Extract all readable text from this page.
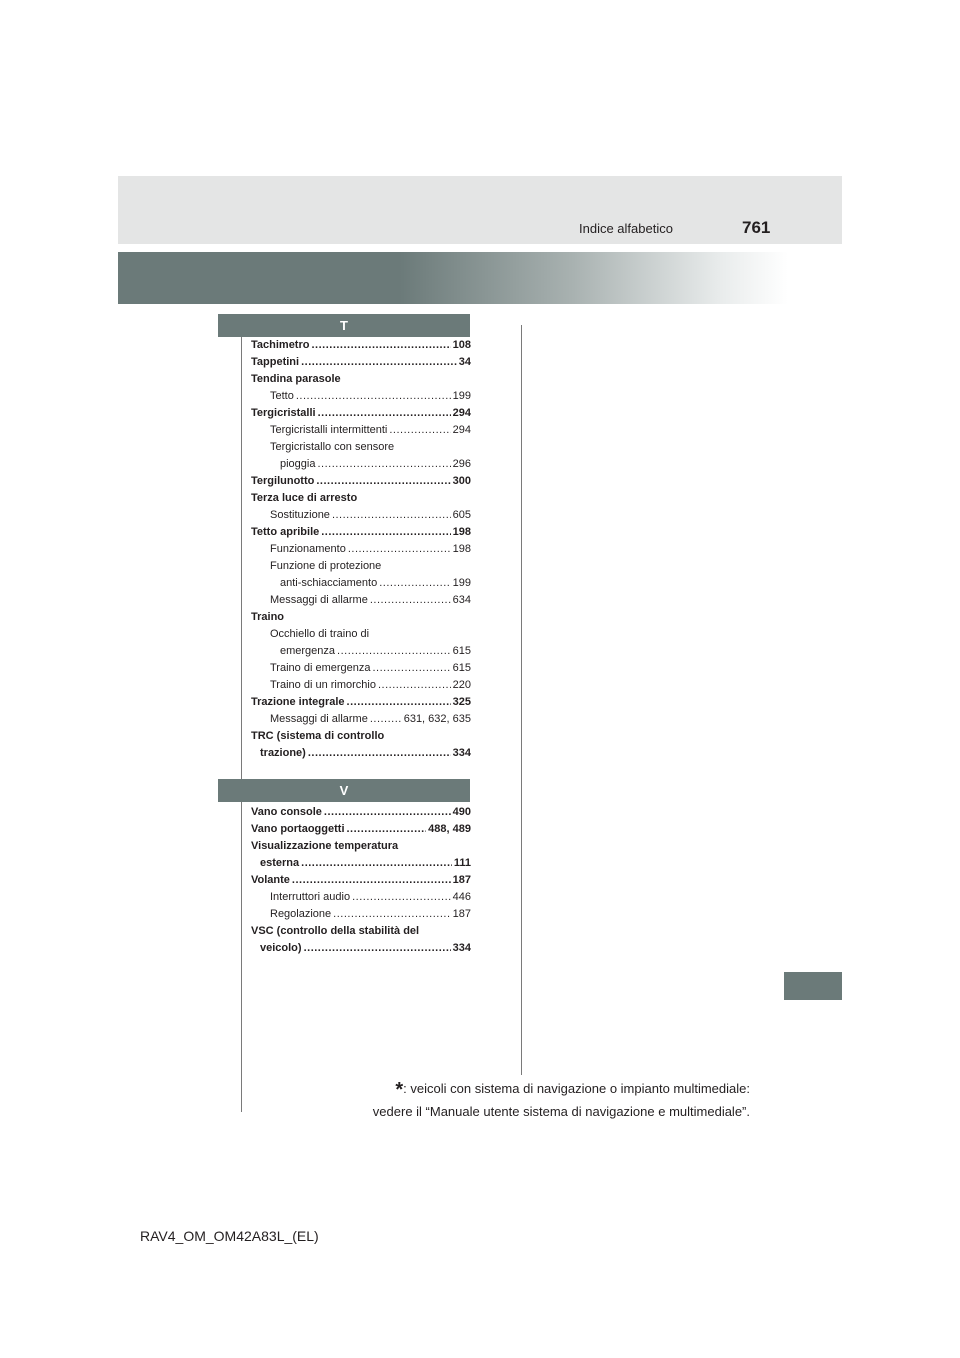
Indice alfabetico	761
T
Tachimetro .....	108
Tappetini .....	34
Tendina parasole
Tetto .....	199
Tergicristalli .....	294
Tergicristalli intermittenti .....	294
Tergicristallo con sensore
pioggia .....	296
Tergilunotto .....	300
Terza luce di arresto
Sostituzione .....	605
Tetto apribile .....	198
Funzionamento .....	198
Funzione di protezione
anti-schiacciamento .....	199
Messaggi di allarme .....	634
Traino
Occhiello di traino di
emergenza .....	615
Traino di emergenza .....	615
Traino di un rimorchio .....	220
Trazione integrale .....	325
Messaggi di allarme .....	631, 632, 635
TRC (sistema di controllo
trazione) .....	334
V
Vano console .....	490
Vano portaoggetti .....	488, 489
Visualizzazione temperatura
esterna .....	111
Volante .....	187
Interruttori audio .....	446
Regolazione .....	187
VSC (controllo della stabilità del
veicolo) .....	334
*: veicoli con sistema di navigazione o impianto multimediale:
vedere il “Manuale utente sistema di navigazione e multimediale”.
RAV4_OM_OM42A83L_(EL)
